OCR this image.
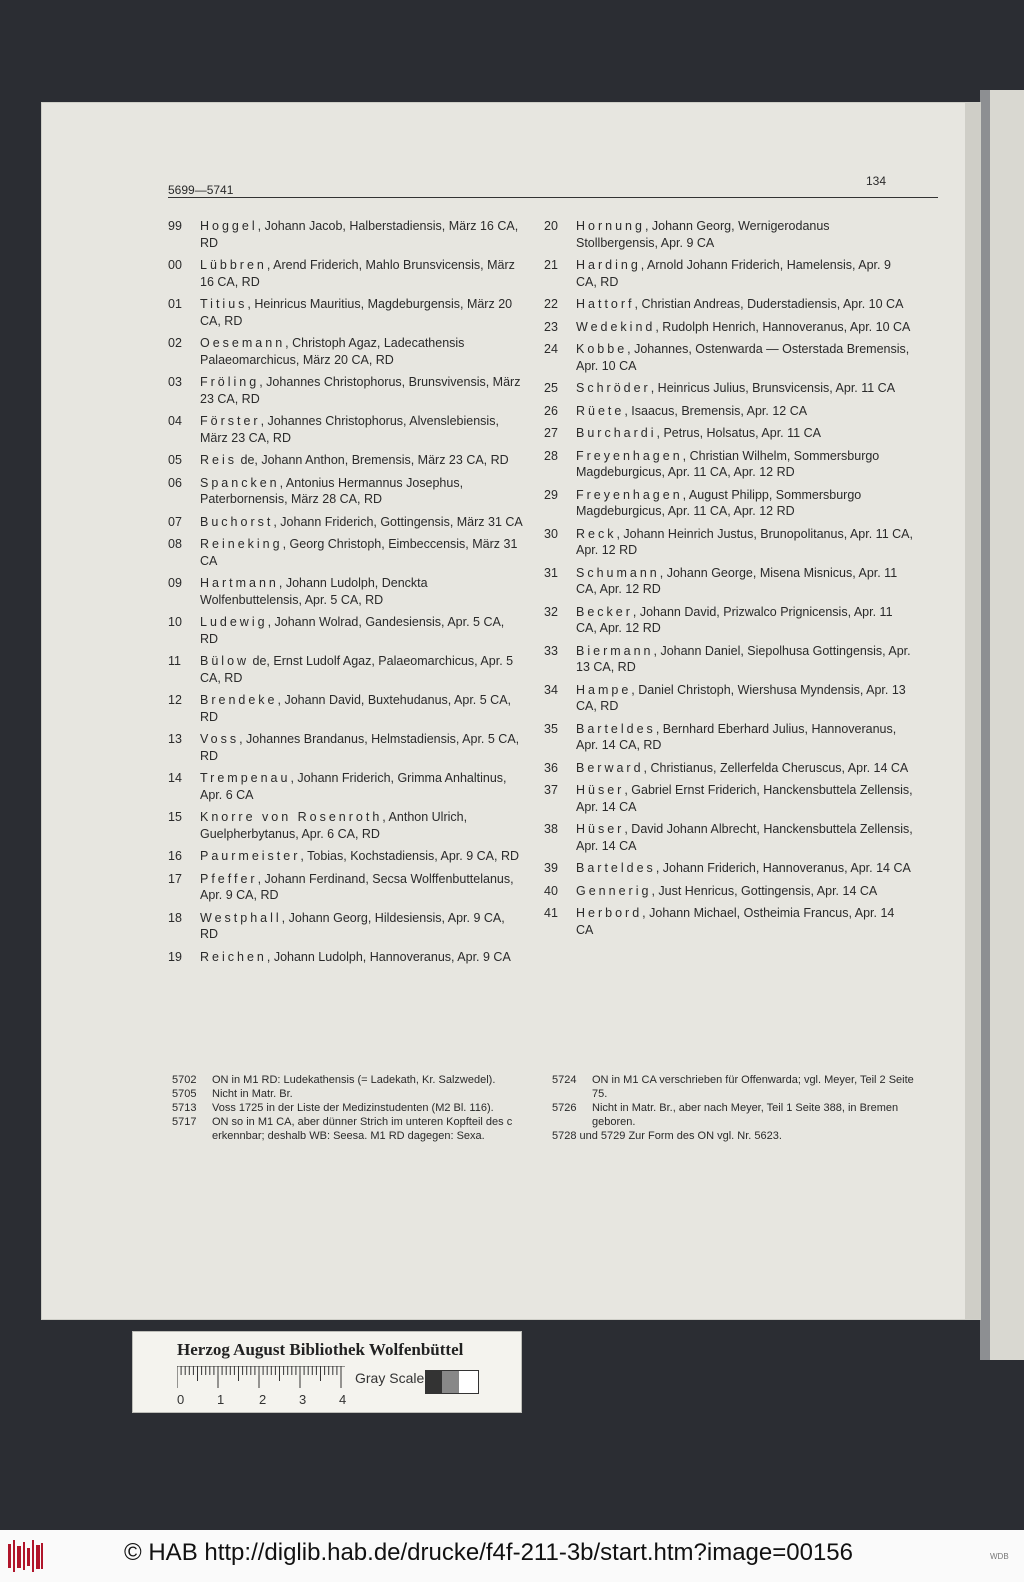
5699—5741
134
99 Hoggel, Johann Jacob, Halberstadiensis, März 16 CA, RD
00 Lübbren, Arend Friderich, Mahlo Brunsvicensis, März 16 CA, RD
01 Titius, Heinricus Mauritius, Magdeburgensis, März 20 CA, RD
02 Oesemann, Christoph Agaz, Ladecathensis Palaeomarchicus, März 20 CA, RD
03 Fröling, Johannes Christophorus, Brunsvivensis, März 23 CA, RD
04 Förster, Johannes Christophorus, Alvenslebiensis, März 23 CA, RD
05 Reis de, Johann Anthon, Bremensis, März 23 CA, RD
06 Spancken, Antonius Hermannus Josephus, Paterbornensis, März 28 CA, RD
07 Buchorst, Johann Friderich, Gottingensis, März 31 CA
08 Reineking, Georg Christoph, Eimbeccensis, März 31 CA
09 Hartmann, Johann Ludolph, Dencktа Wolfenbuttelensis, Apr. 5 CA, RD
10 Ludewig, Johann Wolrad, Gandesiensis, Apr. 5 CA, RD
11 Bülow de, Ernst Ludolf Agaz, Palaeomarchicus, Apr. 5 CA, RD
12 Brendeke, Johann David, Buxtehudanus, Apr. 5 CA, RD
13 Voss, Johannes Brandanus, Helmstadiensis, Apr. 5 CA, RD
14 Trempenau, Johann Friderich, Grimma Anhaltinus, Apr. 6 CA
15 Knorre von Rosenroth, Anthon Ulrich, Guelpherbytanus, Apr. 6 CA, RD
16 Paurmeister, Tobias, Kochstadiensis, Apr. 9 CA, RD
17 Pfeffer, Johann Ferdinand, Secsa Wolffenbuttelanus, Apr. 9 CA, RD
18 Westphall, Johann Georg, Hildesiensis, Apr. 9 CA, RD
19 Reichen, Johann Ludolph, Hannoveranus, Apr. 9 CA
20 Hornung, Johann Georg, Wernigerodanus Stollbergensis, Apr. 9 CA
21 Harding, Arnold Johann Friderich, Hamelensis, Apr. 9 CA, RD
22 Hattorf, Christian Andreas, Duderstadiensis, Apr. 10 CA
23 Wedekind, Rudolph Henrich, Hannoveranus, Apr. 10 CA
24 Kobbe, Johannes, Ostenwarda — Osterstada Bremensis, Apr. 10 CA
25 Schröder, Heinricus Julius, Brunsvicensis, Apr. 11 CA
26 Rüete, Isaacus, Bremensis, Apr. 12 CA
27 Burchardi, Petrus, Holsatus, Apr. 11 CA
28 Freyenhagen, Christian Wilhelm, Sommersburgo Magdeburgicus, Apr. 11 CA, Apr. 12 RD
29 Freyenhagen, August Philipp, Sommersburgo Magdeburgicus, Apr. 11 CA, Apr. 12 RD
30 Reck, Johann Heinrich Justus, Brunopolitanus, Apr. 11 CA, Apr. 12 RD
31 Schumann, Johann George, Misena Misnicus, Apr. 11 CA, Apr. 12 RD
32 Becker, Johann David, Prizwalco Prignicensis, Apr. 11 CA, Apr. 12 RD
33 Biermann, Johann Daniel, Siepolhusa Gottingensis, Apr. 13 CA, RD
34 Hampe, Daniel Christoph, Wiershusa Myndensis, Apr. 13 CA, RD
35 Barteldes, Bernhard Eberhard Julius, Hannoveranus, Apr. 14 CA, RD
36 Berward, Christianus, Zellerfelda Cheruscus, Apr. 14 CA
37 Hüser, Gabriel Ernst Friderich, Hanckensbuttela Zellensis, Apr. 14 CA
38 Hüser, David Johann Albrecht, Hanckensbuttela Zellensis, Apr. 14 CA
39 Barteldes, Johann Friderich, Hannoveranus, Apr. 14 CA
40 Gennerig, Just Henricus, Gottingensis, Apr. 14 CA
41 Herbord, Johann Michael, Ostheimia Francus, Apr. 14 CA
5702 ON in M1 RD: Ludekathensis (= Ladekath, Kr. Salzwedel).
5705 Nicht in Matr. Br.
5713 Voss 1725 in der Liste der Medizinstudenten (M2 Bl. 116).
5717 ON so in M1 CA, aber dünner Strich im unteren Kopfteil des c erkennbar; deshalb WB: Seesa. M1 RD dagegen: Sexa.
5724 ON in M1 CA verschrieben für Offenwarda; vgl. Meyer, Teil 2 Seite 75.
5726 Nicht in Matr. Br., aber nach Meyer, Teil 1 Seite 388, in Bremen geboren.
5728 und 5729 Zur Form des ON vgl. Nr. 5623.
Herzog August Bibliothek Wolfenbüttel
Gray Scale
0	1	2	3	4
© HAB http://diglib.hab.de/drucke/f4f-211-3b/start.htm?image=00156	WDB
